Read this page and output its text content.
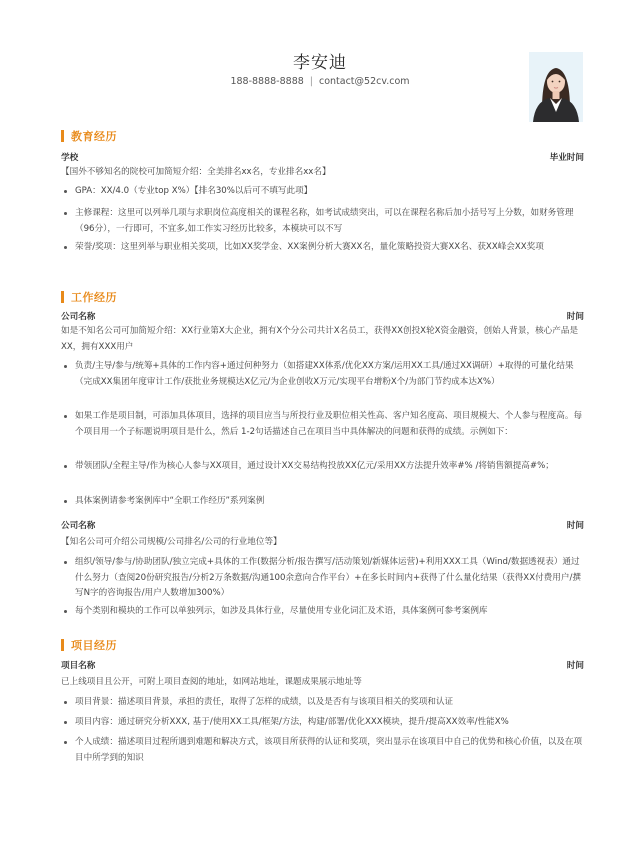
李安迪
188-8888-8888 | contact@52cv.com
教育经历
学校	毕业时间
【国外不够知名的院校可加简短介绍：全美排名xx名，专业排名xx名】
GPA：XX/4.0（专业top X%）【排名30%以后可不填写此项】
主修课程：这里可以列举几项与求职岗位高度相关的课程名称，如考试成绩突出，可以在课程名称后加小括号写上分数，如财务管理（96分），一行即可，不宜多,如工作实习经历比较多，本模块可以不写
荣誉/奖项：这里列举与职业相关奖项，比如XX奖学金、XX案例分析大赛XX名，量化策略投资大赛XX名、获XX峰会XX奖项
工作经历
公司名称	时间
如是不知名公司可加简短介绍：XX行业第X大企业，拥有X个分公司共计X名员工，获得XX创投X轮X资金融资，创始人背景，核心产品是XX，拥有XXX用户
负责/主导/参与/统筹+具体的工作内容+通过何种努力（如搭建XX体系/优化XX方案/运用XX工具/通过XX调研）+取得的可量化结果（完成XX集团年度审计工作/获批业务规模达X亿元/为企业创收X万元/实现平台增粉X个/为部门节约成本达X%）
如果工作是项目制，可添加具体项目，选择的项目应当与所投行业及职位相关性高、客户知名度高、项目规模大、个人参与程度高。每个项目用一个子标题说明项目是什么，然后 1-2句话描述自己在项目当中具体解决的问题和获得的成绩。示例如下：
带领团队/全程主导/作为核心人参与XX项目，通过设计XX交易结构投放XX亿元/采用XX方法提升效率#% /将销售额提高#%；
具体案例请参考案例库中“全职工作经历”系列案例
公司名称	时间
【知名公司可介绍公司规模/公司排名/公司的行业地位等】
组织/领导/参与/协助团队/独立完成+具体的工作(数据分析/报告撰写/活动策划/新媒体运营)+利用XXX工具（Wind/数据透视表）通过什么努力（查阅20份研究报告/分析2万条数据/沟通100余意向合作平台）+在多长时间内+获得了什么量化结果（获得XX付费用户/撰写N字的咨询报告/用户人数增加300%）
每个类别和模块的工作可以单独列示，如涉及具体行业，尽量使用专业化词汇及术语，具体案例可参考案例库
项目经历
项目名称	时间
已上线项目且公开，可附上项目查阅的地址，如网站地址，课题成果展示地址等
项目背景：描述项目背景，承担的责任，取得了怎样的成绩，以及是否有与该项目相关的奖项和认证
项目内容：通过研究分析XXX, 基于/使用XX工具/框架/方法，构建/部署/优化XXX模块，提升/提高XX效率/性能X%
个人成绩：描述项目过程所遇到难题和解决方式，该项目所获得的认证和奖项，突出显示在该项目中自己的优势和核心价值，以及在项目中所学到的知识
